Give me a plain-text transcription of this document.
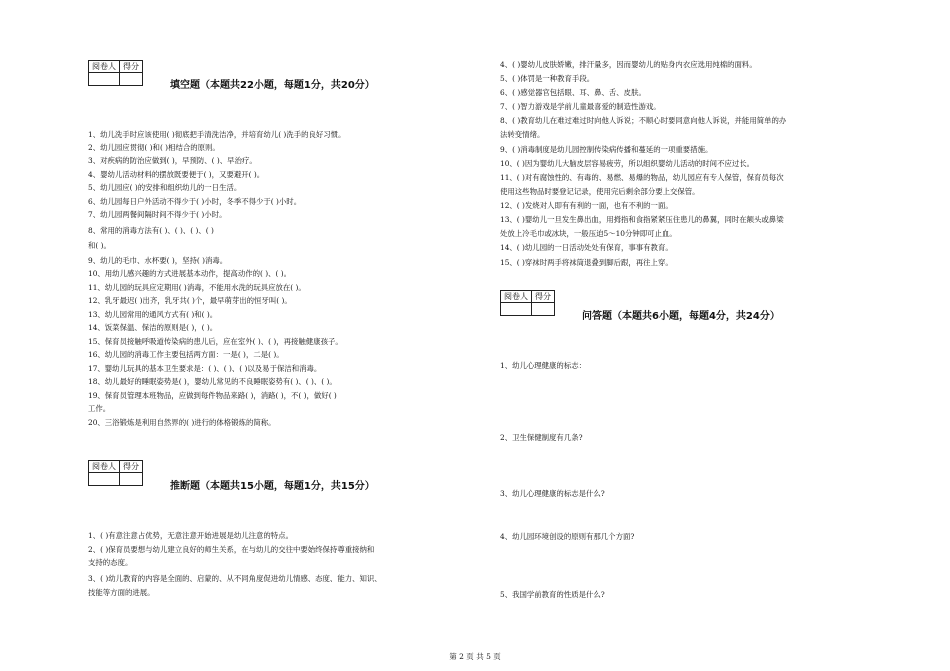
阅卷人	得分

填空题（本题共22小题，每题1分，共20分）
1、幼儿洗手时应该使用( )彻底把手清洗洁净，并培育幼儿( )洗手的良好习惯。
2、幼儿园应贯彻( )和( )相结合的原则。
3、对疾病的防治应做到( )，早预防、( )、早治疗。
4、婴幼儿活动材料的摆放既要便于( )，又要避开( )。
5、幼儿园应( )的安排和组织幼儿的一日生活。
6、幼儿园每日户外活动不得少于( )小时，冬季不得少于( )小时。
7、幼儿园两餐间隔时间不得少于( )小时。
8、常用的消毒方法有( )、( )、( )、( )
和( )。
9、幼儿的毛巾、水杯要( )，坚持( )消毒。
10、用幼儿感兴趣的方式进展基本动作，提高动作的( )、( )。
11、幼儿园的玩具应定期用( )消毒，不能用水洗的玩具应放在( )。
12、乳牙最迟( )出齐，乳牙共( )个，最早萌芽出的恒牙叫( )。
13、幼儿园常用的通风方式有( )和( )。
14、饭菜保温、保洁的原则是( )，( )。
15、保育员接触呼吸道传染病的患儿后，应在室外( )、( )，再接触健康孩子。
16、幼儿园的消毒工作主要包括两方面：一是( )，二是( )。
17、婴幼儿玩具的基本卫生要求是：( )、( )、( )以及易于保洁和消毒。
18、幼儿最好的睡眠姿势是( )，婴幼儿常见的不良睡眠姿势有( )、( )、( )。
19、保育员管理本班物品，应做到每件物品来路( )，消路( )，不( )，做好( )
工作。
20、三浴锻炼是利用自然界的( )进行的体格锻炼的简称。
阅卷人	得分

推断题（本题共15小题，每题1分，共15分）
1、( )有意注意占优势，无意注意开始进展是幼儿注意的特点。
2、( )保育员要想与幼儿建立良好的师生关系，在与幼儿的交往中要始终保持尊重接纳和
支持的态度。
3、( )幼儿教育的内容是全面的、启蒙的、从不同角度促进幼儿情感、态度、能力、知识、
技能等方面的进展。
4、( )婴幼儿皮肤娇嫩，排汗量多，因而婴幼儿的贴身内衣应选用纯棉的面料。
5、( )体罚是一种教育手段。
6、( )感觉器官包括眼、耳、鼻、舌、皮肤。
7、( )智力游戏是学前儿童最喜爱的制造性游戏。
8、( )教育幼儿在难过难过时向他人诉说；不顺心时要同意向他人诉说，并能用简单的办
法转变情绪。
9、( )消毒制度是幼儿园控制传染病传播和蔓延的一项重要措施。
10、( )因为婴幼儿大脑皮层容易疲劳，所以组织婴幼儿活动的时间不应过长。
11、( )对有腐蚀性的、有毒的、易燃、易爆的物品，幼儿园应有专人保管，保育员每次
使用这些物品时要登记记录，使用完后剩余部分要上交保管。
12、( )发烧对人即有有利的一面，也有不利的一面。
13、( )婴幼儿一旦发生鼻出血，用拇指和食指紧紧压住患儿的鼻翼，同时在额头或鼻梁
处放上冷毛巾或冰块，一般压迫5～10分钟即可止血。
14、( )幼儿园的一日活动处处有保育，事事有教育。
15、( )穿袜时两手将袜筒退叠到脚后跟，再往上穿。
阅卷人	得分

问答题（本题共6小题，每题4分，共24分）
1、幼儿心理健康的标志：
2、卫生保健制度有几条?
3、幼儿心理健康的标志是什么?
4、幼儿园环境创设的原则有那几个方面?
5、我国学前教育的性质是什么?
第 2 页 共 5 页
